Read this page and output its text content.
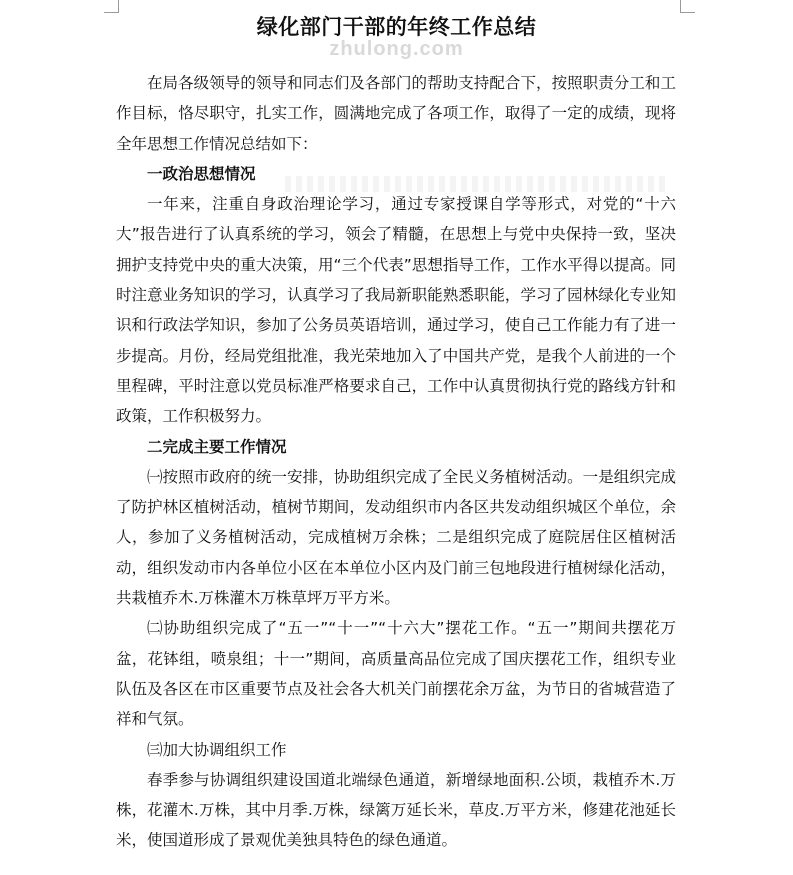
绿化部门干部的年终工作总结
zhulong.com

在局各级领导的领导和同志们及各部门的帮助支持配合下，按照职责分工和工作目标，恪尽职守，扎实工作，圆满地完成了各项工作，取得了一定的成绩，现将全年思想工作情况总结如下：

一政治思想情况

一年来，注重自身政治理论学习，通过专家授课自学等形式，对党的“十六大”报告进行了认真系统的学习，领会了精髓，在思想上与党中央保持一致，坚决拥护支持党中央的重大决策，用“三个代表”思想指导工作，工作水平得以提高。同时注意业务知识的学习，认真学习了我局新职能熟悉职能，学习了园林绿化专业知识和行政法学知识，参加了公务员英语培训，通过学习，使自己工作能力有了进一步提高。月份，经局党组批准，我光荣地加入了中国共产党，是我个人前进的一个里程碑，平时注意以党员标准严格要求自己，工作中认真贯彻执行党的路线方针和政策，工作积极努力。

二完成主要工作情况

㈠按照市政府的统一安排，协助组织完成了全民义务植树活动。一是组织完成了防护林区植树活动，植树节期间，发动组织市内各区共发动组织城区个单位，余人，参加了义务植树活动，完成植树万余株；二是组织完成了庭院居住区植树活动，组织发动市内各单位小区在本单位小区内及门前三包地段进行植树绿化活动，共栽植乔木.万株灌木万株草坪万平方米。

㈡协助组织完成了“五一”“十一”“十六大”摆花工作。“五一”期间共摆花万盆，花钵组，喷泉组；十一”期间，高质量高品位完成了国庆摆花工作，组织专业队伍及各区在市区重要节点及社会各大机关门前摆花余万盆，为节日的省城营造了祥和气氛。

㈢加大协调组织工作

春季参与协调组织建设国道北端绿色通道，新增绿地面积.公顷，栽植乔木.万株，花灌木.万株，其中月季.万株，绿篱万延长米，草皮.万平方米，修建花池延长米，使国道形成了景观优美独具特色的绿色通道。
